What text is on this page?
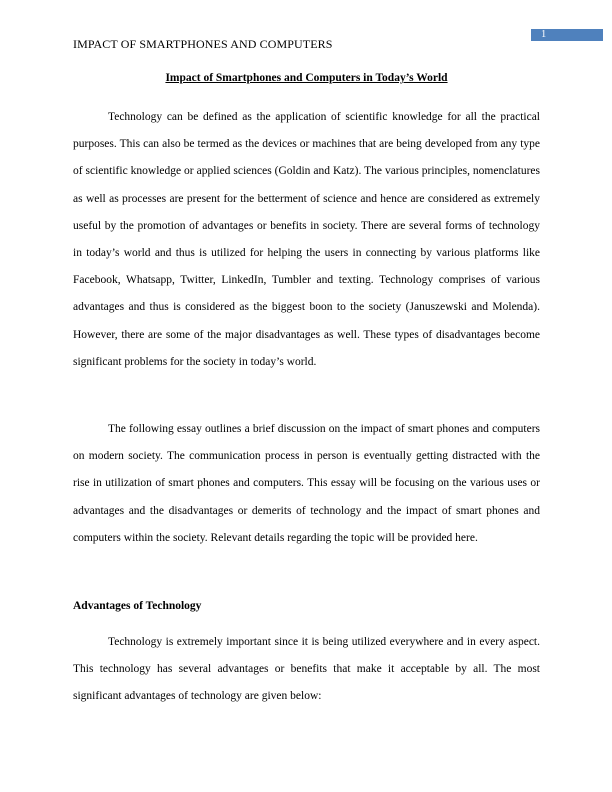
1
IMPACT OF SMARTPHONES AND COMPUTERS
Impact of Smartphones and Computers in Today’s World

Technology can be defined as the application of scientific knowledge for all the practical purposes. This can also be termed as the devices or machines that are being developed from any type of scientific knowledge or applied sciences (Goldin and Katz). The various principles, nomenclatures as well as processes are present for the betterment of science and hence are considered as extremely useful by the promotion of advantages or benefits in society. There are several forms of technology in today’s world and thus is utilized for helping the users in connecting by various platforms like Facebook, Whatsapp, Twitter, LinkedIn, Tumbler and texting. Technology comprises of various advantages and thus is considered as the biggest boon to the society (Januszewski and Molenda). However, there are some of the major disadvantages as well. These types of disadvantages become significant problems for the society in today’s world.

The following essay outlines a brief discussion on the impact of smart phones and computers on modern society. The communication process in person is eventually getting distracted with the rise in utilization of smart phones and computers. This essay will be focusing on the various uses or advantages and the disadvantages or demerits of technology and the impact of smart phones and computers within the society. Relevant details regarding the topic will be provided here.

Advantages of Technology

Technology is extremely important since it is being utilized everywhere and in every aspect. This technology has several advantages or benefits that make it acceptable by all. The most significant advantages of technology are given below:
